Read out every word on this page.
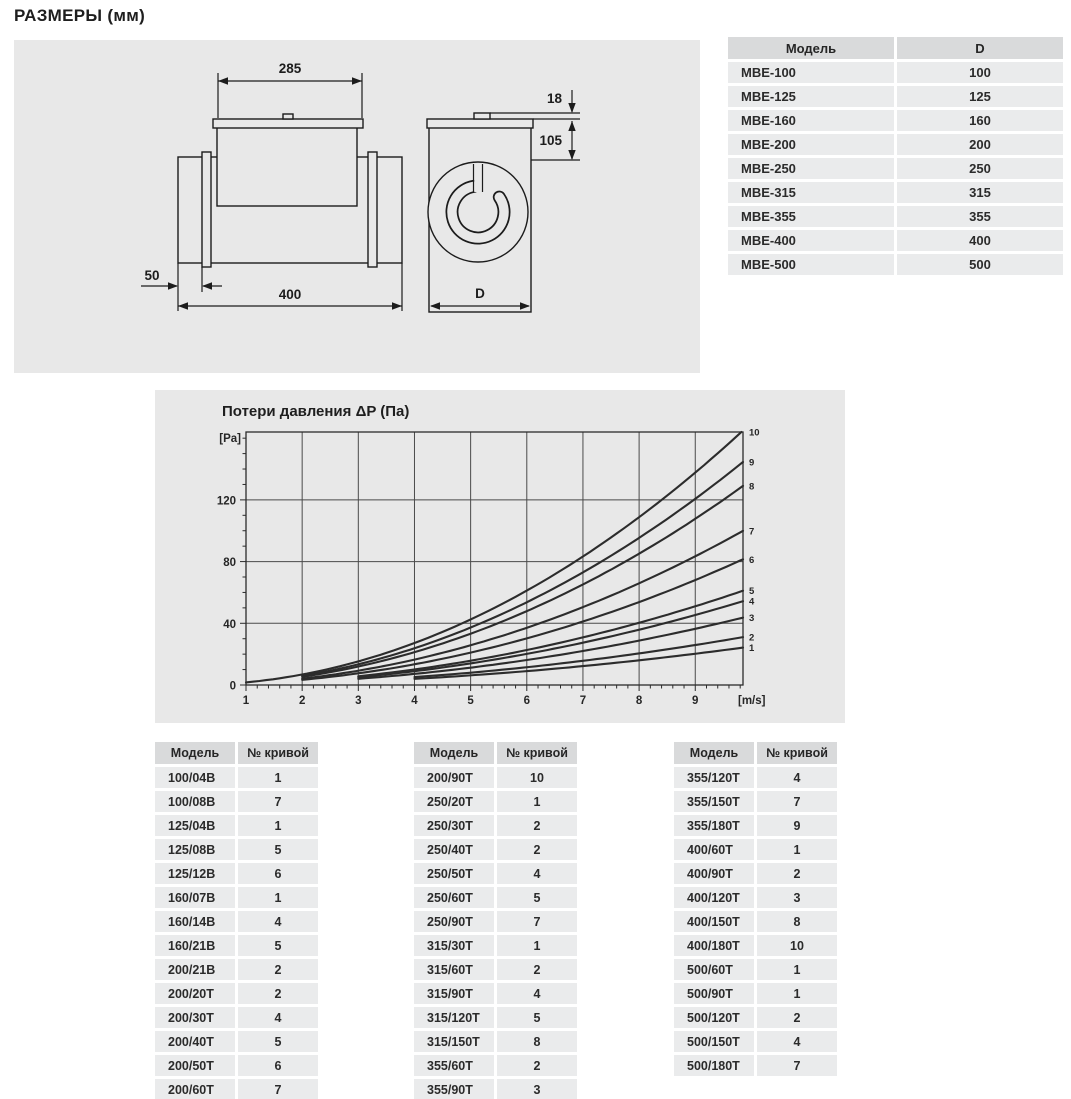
РАЗМЕРЫ (мм)
285
50
400
18
105
D
Модель	D
МВЕ-100	100
МВЕ-125	125
МВЕ-160	160
МВЕ-200	200
МВЕ-250	250
МВЕ-315	315
МВЕ-355	355
МВЕ-400	400
МВЕ-500	500
Потери давления ΔP (Па)
1	2	3	4	5	6	7	8	9
0
40
80
120
[m/s]
[Pa]
1
2
3
4
5
6
7
8
9
10
Модель	№ кривой
100/04B	1
100/08B	7
125/04B	1
125/08B	5
125/12B	6
160/07B	1
160/14B	4
160/21B	5
200/21B	2
200/20T	2
200/30T	4
200/40T	5
200/50T	6
200/60T	7
Модель	№ кривой
200/90T	10
250/20T	1
250/30T	2
250/40T	2
250/50T	4
250/60T	5
250/90T	7
315/30T	1
315/60T	2
315/90T	4
315/120T	5
315/150T	8
355/60T	2
355/90T	3
Модель	№ кривой
355/120T	4
355/150T	7
355/180T	9
400/60T	1
400/90T	2
400/120T	3
400/150T	8
400/180T	10
500/60T	1
500/90T	1
500/120T	2
500/150T	4
500/180T	7
